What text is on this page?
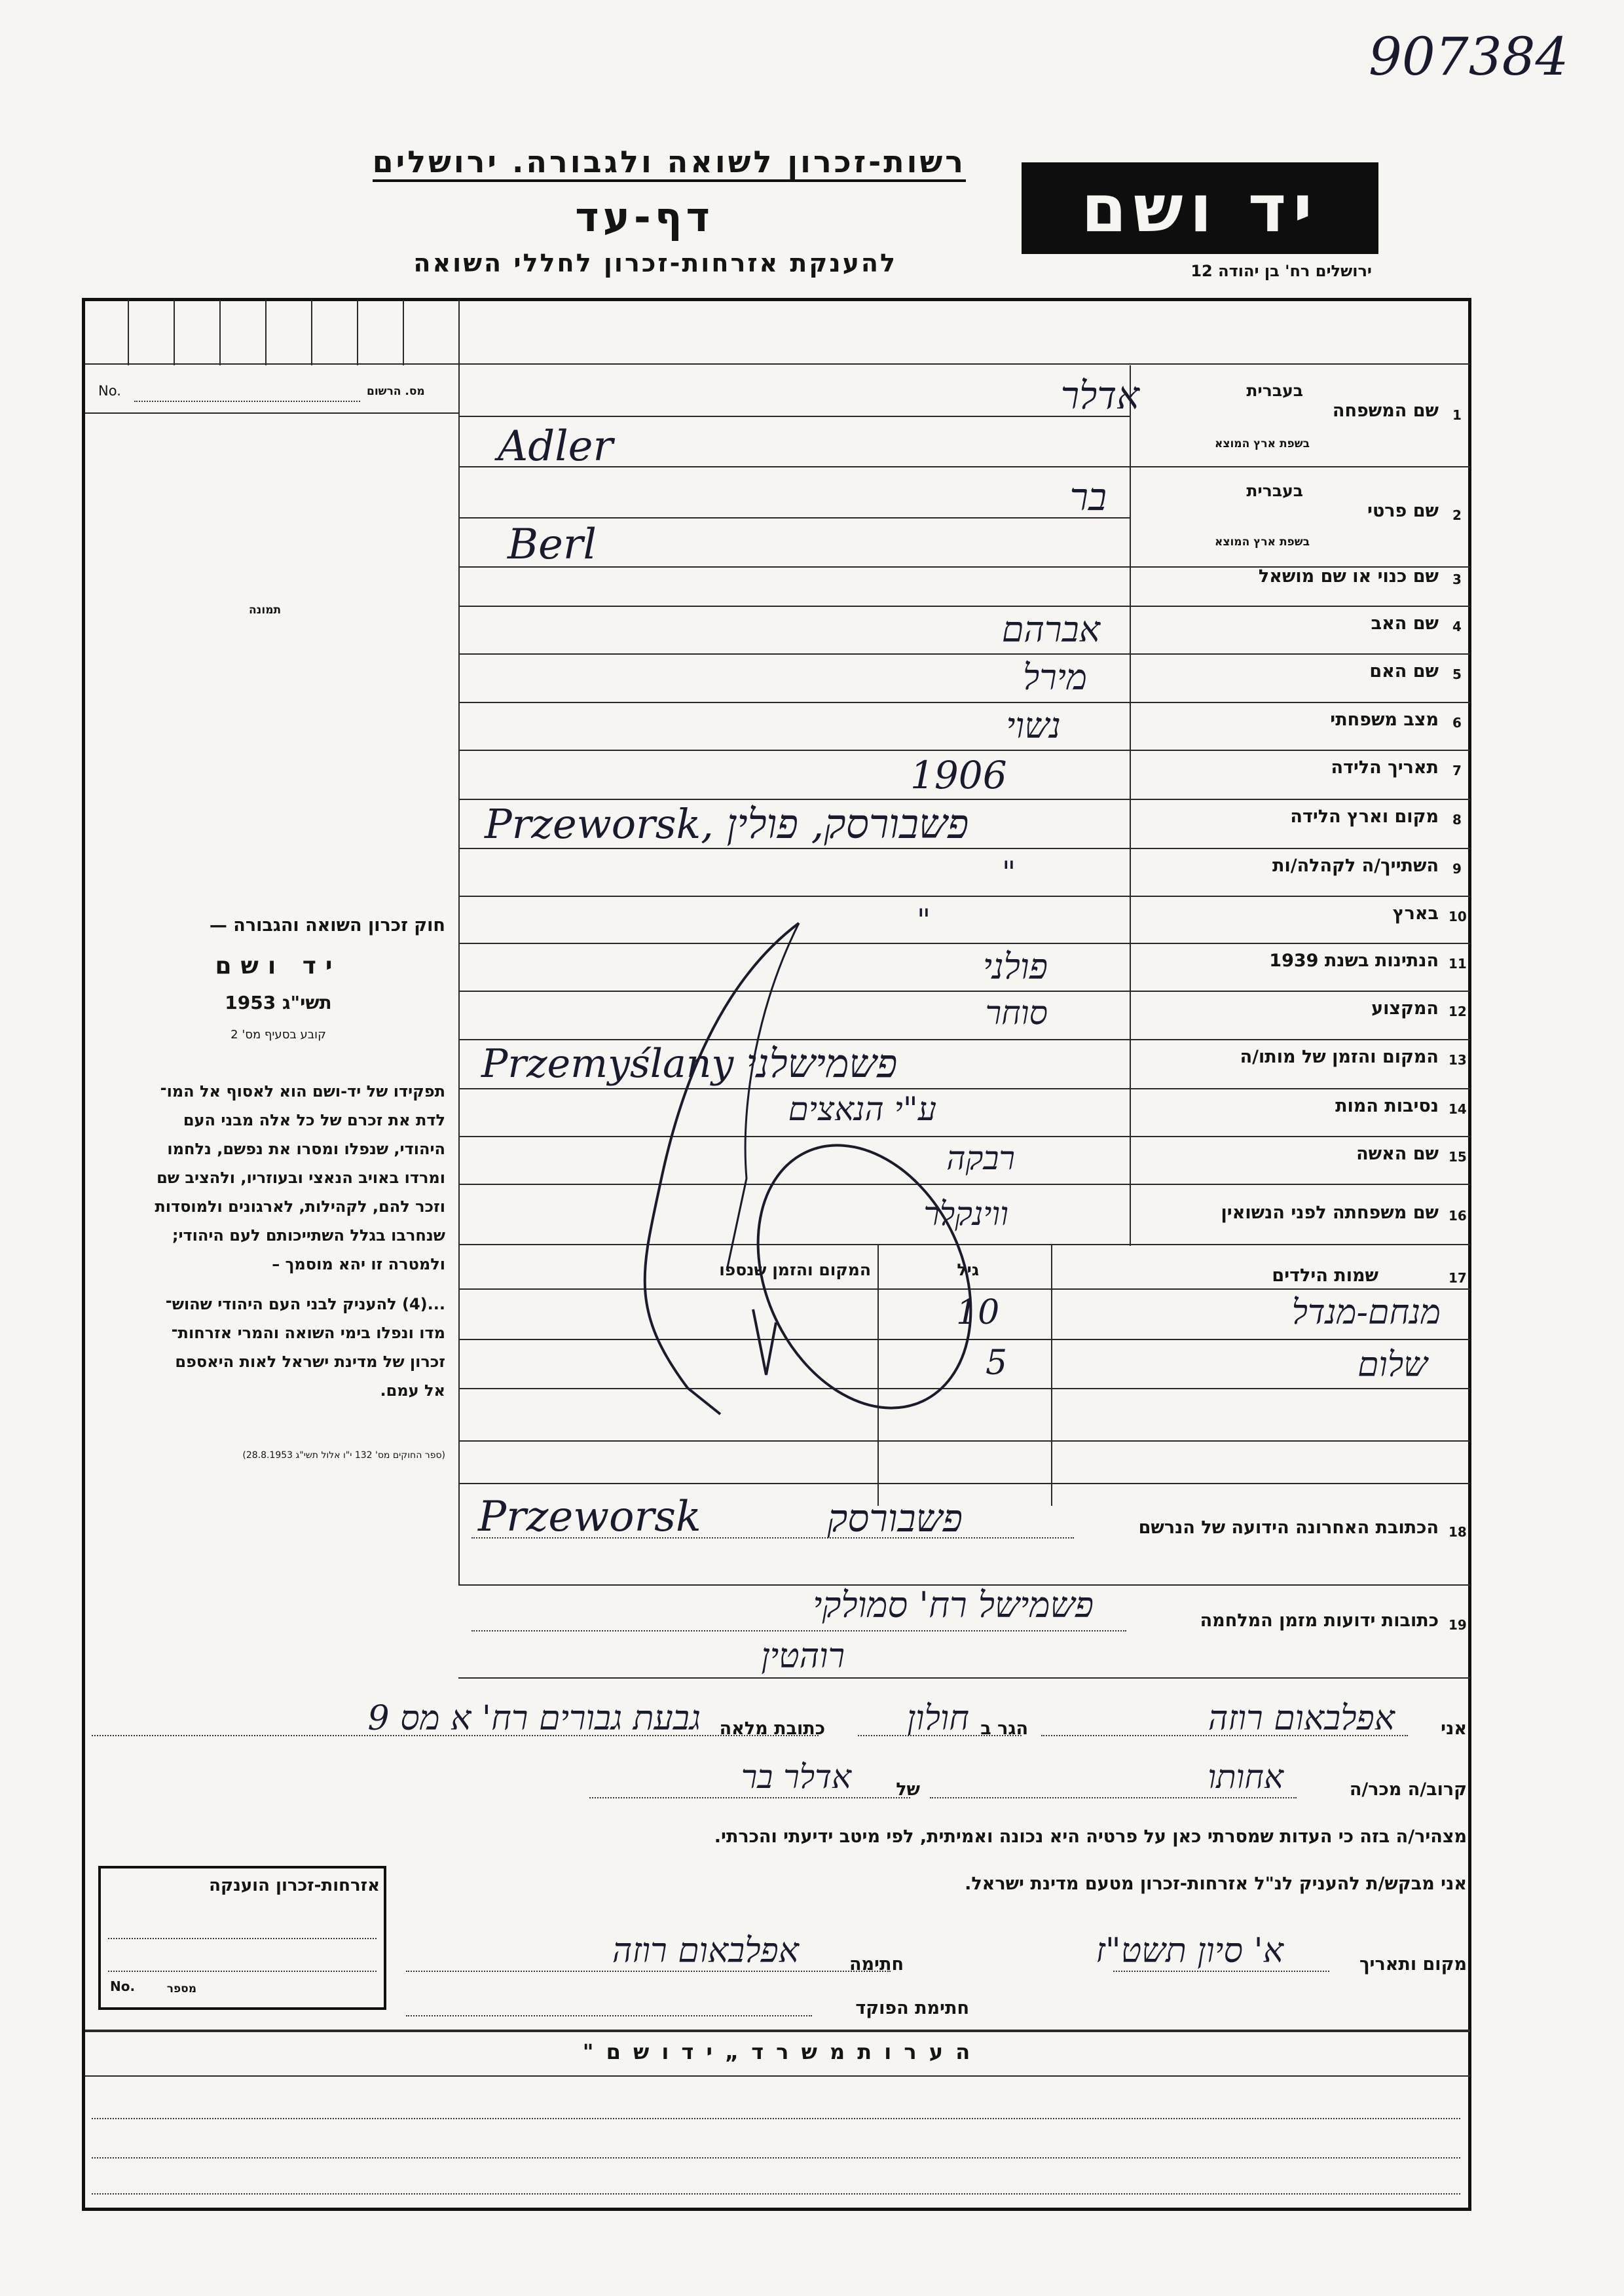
907384
רשות-זכרון לשואה ולגבורה. ירושלים
דף-עד
להענקת אזרחות-זכרון לחללי השואה
יד ושם
ירושלים רח' בן יהודה 12
מס. הרשום
No.
תמונה
חוק זכרון השואה והגבורה —
יד ושם
תשי"ג 1953
קובע בסעיף מס' 2
תפקידו של יד-ושם הוא לאסוף אל המו־
לדת את זכרם של כל אלה מבני העם
היהודי, שנפלו ומסרו את נפשם, נלחמו
ומרדו באויב הנאצי ובעוזריו, ולהציב שם
וזכר להם, לקהילות, לארגונים ולמוסדות
שנחרבו בגלל השתייכותם לעם היהודי;
ולמטרה זו יהא מוסמך –
...(4) להעניק לבני העם היהודי שהוש־
מדו ונפלו בימי השואה והמרי אזרחות־
זכרון של מדינת ישראל לאות היאספם
אל עמם.
(ספר החוקים מס' 132 י"ו אלול תשי"ג 28.8.1953)
1
שם המשפחה
בעברית
בשפת ארץ המוצא
אדלר
Adler
2
שם פרטי
בעברית
בשפת ארץ המוצא
בר
Berl
3
שם כנוי או שם מושאל
4
שם האב
אברהם
5
שם האם
מירל
6
מצב משפחתי
נשוי
7
תאריך הלידה
1906
8
מקום וארץ הלידה
Przeworsk, פשבורסק, פולין
9
השתייך/ה לקהלה/ות
"
10
בארץ
"
11
הנתינות בשנת 1939
פולני
12
המקצוע
סוחר
13
המקום והזמן של מותו/ה
Przemyślany פשמישלני
14
נסיבות המות
ע"י הנאצים
15
שם האשה
רבקה
16
שם משפחתה לפני הנשואין
ווינקלר
17
שמות הילדים
גיל
המקום והזמן שנספו
מנחם-מנדל
10
שלום
5
18
הכתובת האחרונה הידועה של הנרשם
Przeworsk	פשבורסק
19
כתובות ידועות מזמן המלחמה
פשמישל רח' סמולקי
רוהטין
אני
אפלבאום רוזה
הגר ב
חולון
כתובת מלאה
גבעת גבורים רח' א מס 9
קרוב/ה מכר/ה
אחותו
של
אדלר בר
מצהיר/ה בזה כי העדות שמסרתי כאן על פרטיה היא נכונה ואמיתית, לפי מיטב ידיעתי והכרתי.
אני מבקש/ת להעניק לנ"ל אזרחות-זכרון מטעם מדינת ישראל.
מקום ותאריך
א' סיון תשט"ז
חתימה
אפלבאום רוזה
חתימת הפוקד
אזרחות-זכרון הוענקה
No.	מספר
ה ע ר ו ת מ ש ר ד „ י ד ו ש ם "
